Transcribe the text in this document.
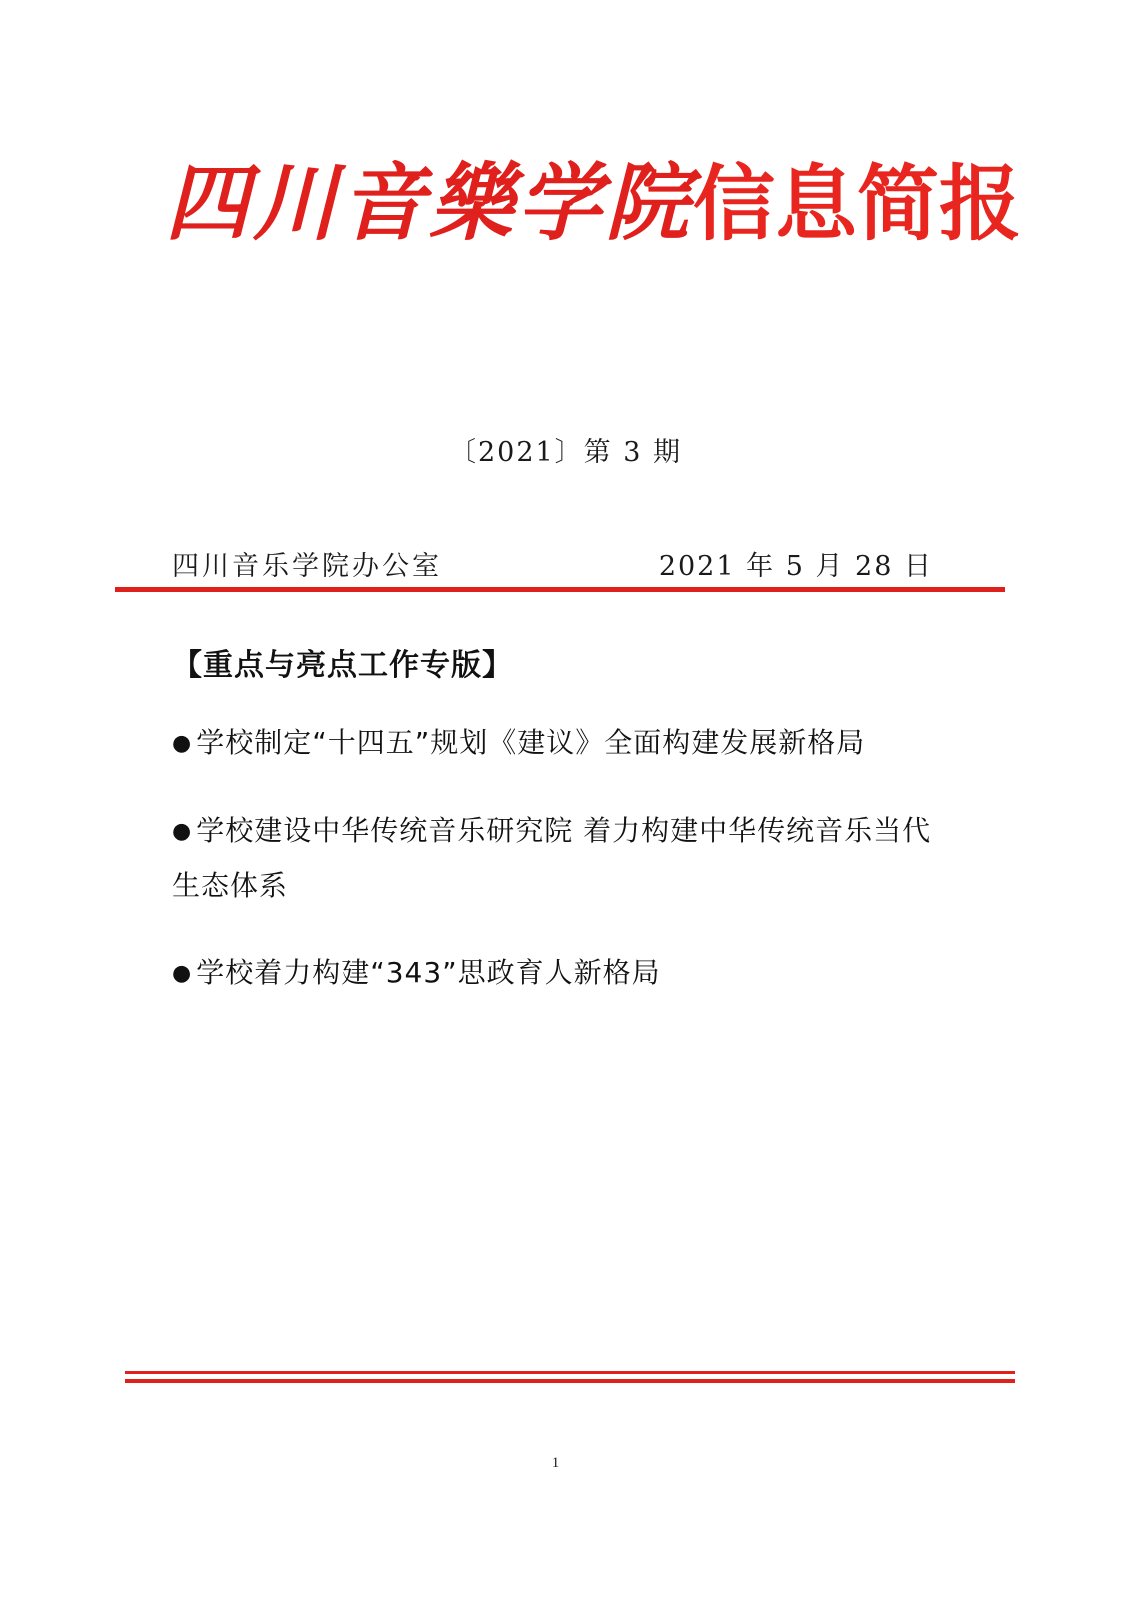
四川音樂学院信息简报
〔2021〕第 3 期
四川音乐学院办公室	2021 年 5 月 28 日
【重点与亮点工作专版】
● 学校制定“十四五”规划《建议》全面构建发展新格局
● 学校建设中华传统音乐研究院 着力构建中华传统音乐当代生态体系
● 学校着力构建“343”思政育人新格局
1
